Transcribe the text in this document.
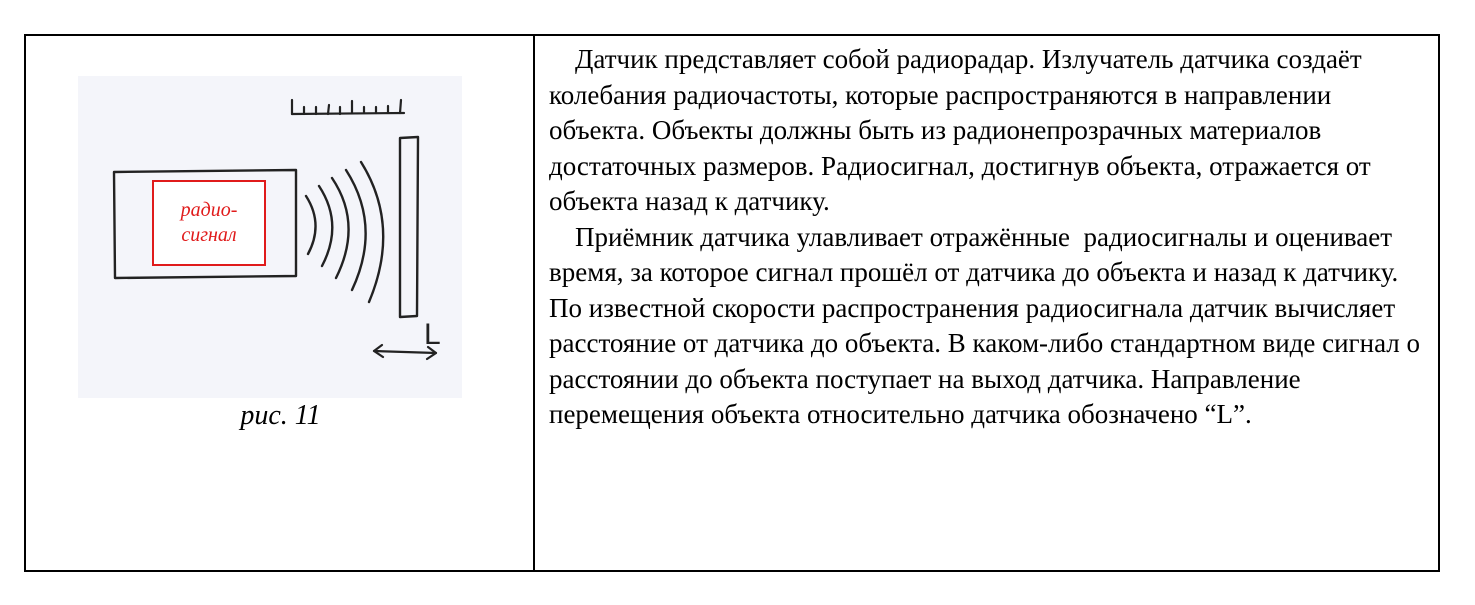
L
радио-
сигнал
рис. 11

Датчик представляет собой радиорадар. Излучатель датчика создаёт колебания радиочастоты, которые распространяются в направлении объекта. Объекты должны быть из радионепрозрачных материалов достаточных размеров. Радиосигнал, достигнув объекта, отражается от объекта назад к датчику.

Приёмник датчика улавливает отражённые  радиосигналы и оценивает время, за которое сигнал прошёл от датчика до объекта и назад к датчику. По известной скорости распространения радиосигнала датчик вычисляет расстояние от датчика до объекта. В каком-либо стандартном виде сигнал о расстоянии до объекта поступает на выход датчика. Направление перемещения объекта относительно датчика обозначено “L”.
